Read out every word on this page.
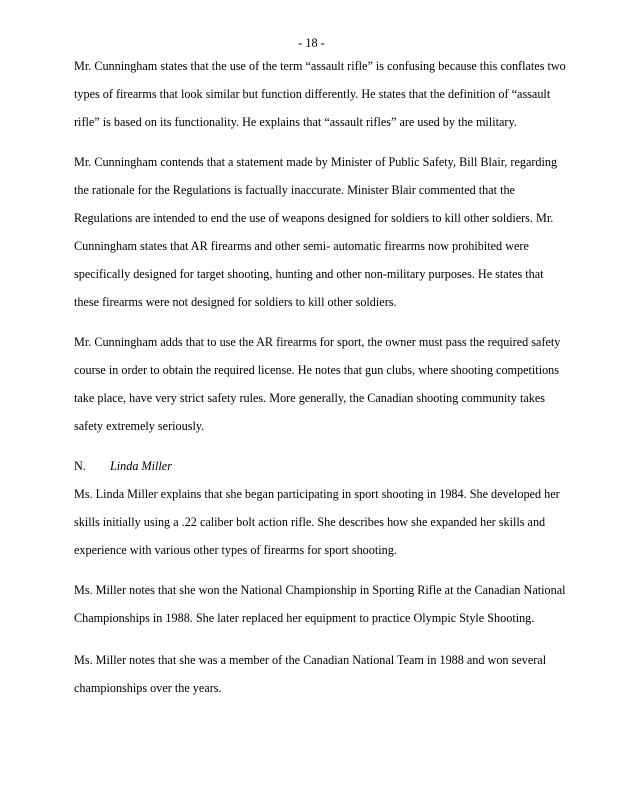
- 18 -

Mr. Cunningham states that the use of the term “assault rifle” is confusing because this conflates two
types of firearms that look similar but function differently. He states that the definition of “assault
rifle” is based on its functionality. He explains that “assault rifles” are used by the military.

Mr. Cunningham contends that a statement made by Minister of Public Safety, Bill Blair, regarding
the rationale for the Regulations is factually inaccurate. Minister Blair commented that the
Regulations are intended to end the use of weapons designed for soldiers to kill other soldiers. Mr.
Cunningham states that AR firearms and other semi- automatic firearms now prohibited were
specifically designed for target shooting, hunting and other non-military purposes. He states that
these firearms were not designed for soldiers to kill other soldiers.

Mr. Cunningham adds that to use the AR firearms for sport, the owner must pass the required safety
course in order to obtain the required license. He notes that gun clubs, where shooting competitions
take place, have very strict safety rules. More generally, the Canadian shooting community takes
safety extremely seriously.

N. Linda Miller

Ms. Linda Miller explains that she began participating in sport shooting in 1984. She developed her
skills initially using a .22 caliber bolt action rifle. She describes how she expanded her skills and
experience with various other types of firearms for sport shooting.

Ms. Miller notes that she won the National Championship in Sporting Rifle at the Canadian National
Championships in 1988. She later replaced her equipment to practice Olympic Style Shooting.

Ms. Miller notes that she was a member of the Canadian National Team in 1988 and won several
championships over the years.
